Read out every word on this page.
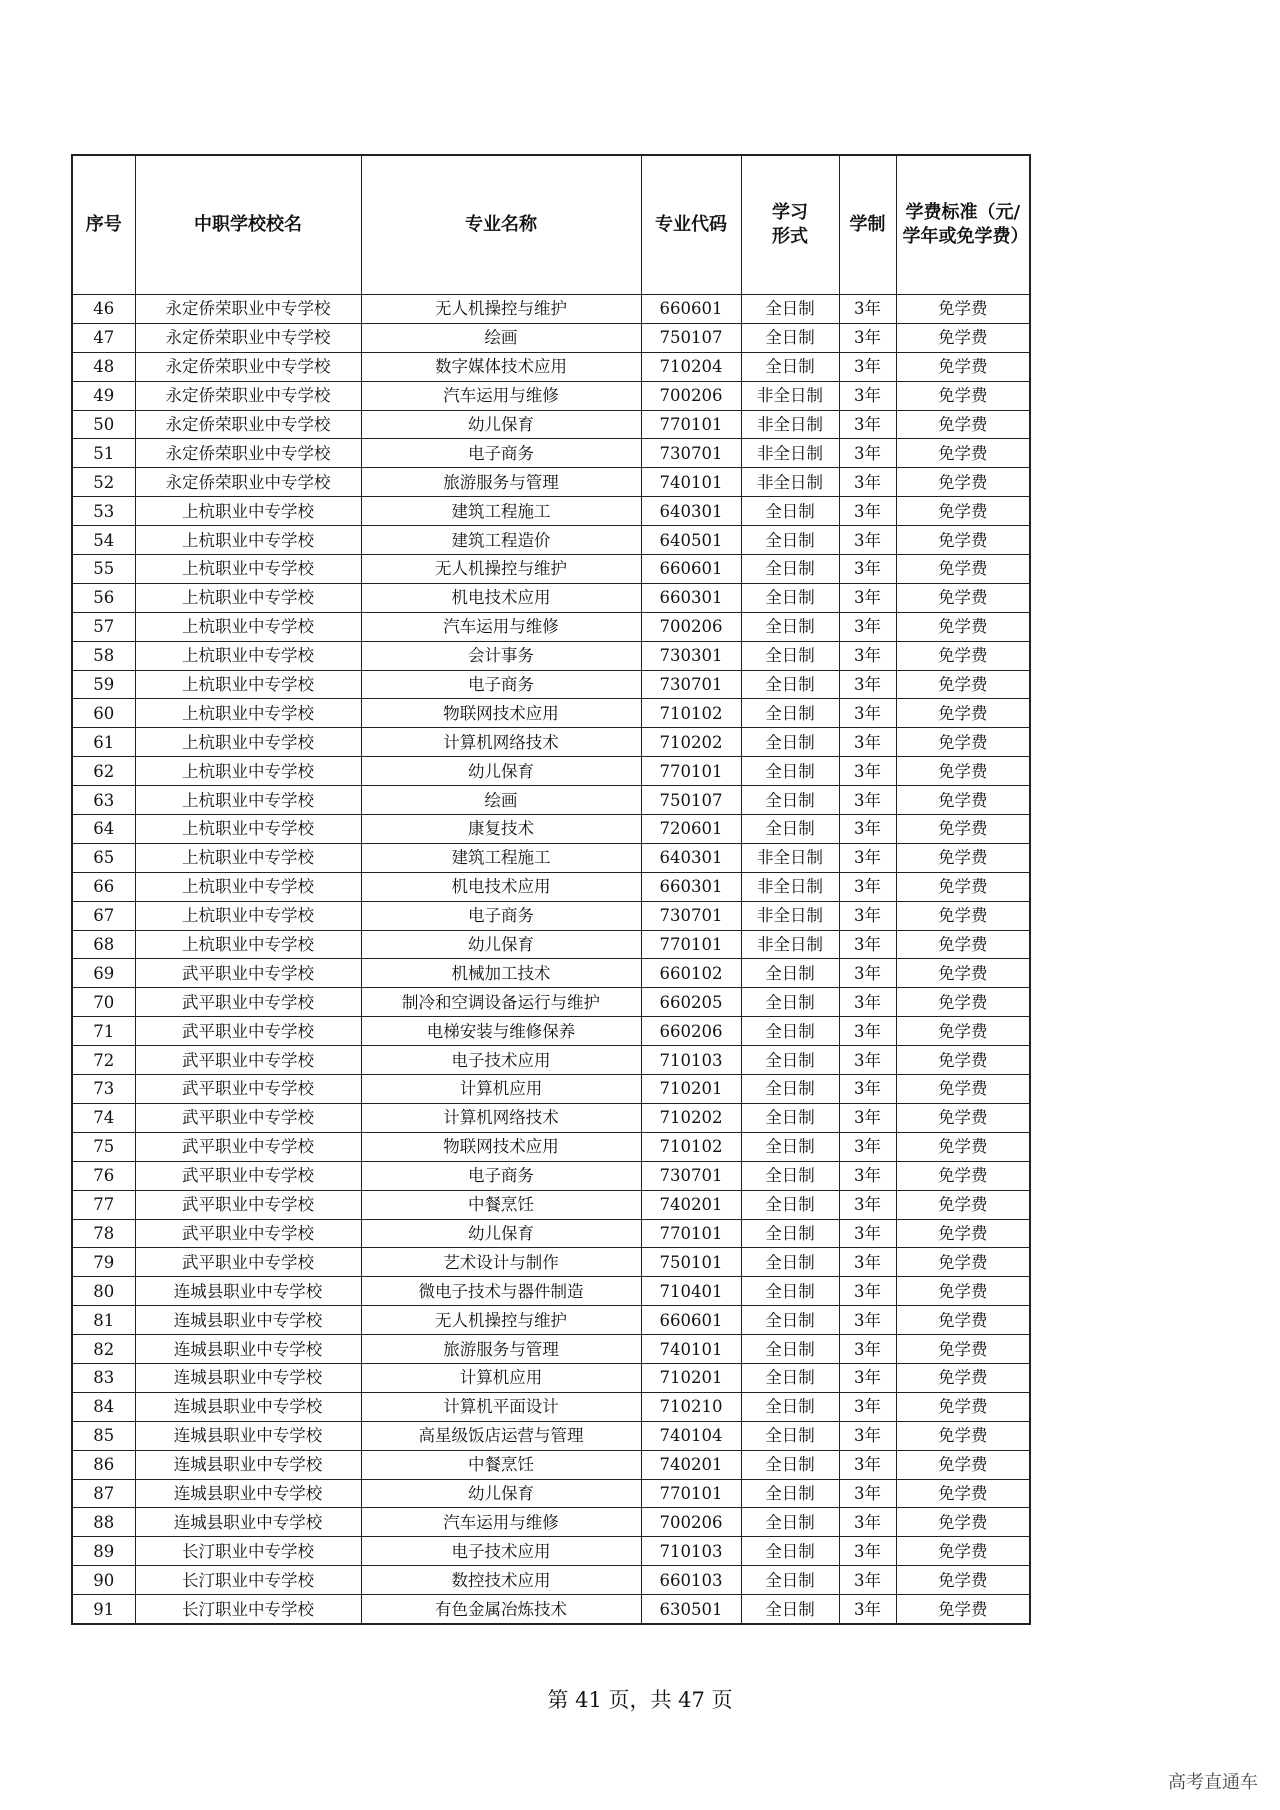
序号	中职学校校名	专业名称	专业代码	学习形式	学制	学费标准（元/学年或免学费）
46	永定侨荣职业中专学校	无人机操控与维护	660601	全日制	3年	免学费
47	永定侨荣职业中专学校	绘画	750107	全日制	3年	免学费
48	永定侨荣职业中专学校	数字媒体技术应用	710204	全日制	3年	免学费
49	永定侨荣职业中专学校	汽车运用与维修	700206	非全日制	3年	免学费
50	永定侨荣职业中专学校	幼儿保育	770101	非全日制	3年	免学费
51	永定侨荣职业中专学校	电子商务	730701	非全日制	3年	免学费
52	永定侨荣职业中专学校	旅游服务与管理	740101	非全日制	3年	免学费
53	上杭职业中专学校	建筑工程施工	640301	全日制	3年	免学费
54	上杭职业中专学校	建筑工程造价	640501	全日制	3年	免学费
55	上杭职业中专学校	无人机操控与维护	660601	全日制	3年	免学费
56	上杭职业中专学校	机电技术应用	660301	全日制	3年	免学费
57	上杭职业中专学校	汽车运用与维修	700206	全日制	3年	免学费
58	上杭职业中专学校	会计事务	730301	全日制	3年	免学费
59	上杭职业中专学校	电子商务	730701	全日制	3年	免学费
60	上杭职业中专学校	物联网技术应用	710102	全日制	3年	免学费
61	上杭职业中专学校	计算机网络技术	710202	全日制	3年	免学费
62	上杭职业中专学校	幼儿保育	770101	全日制	3年	免学费
63	上杭职业中专学校	绘画	750107	全日制	3年	免学费
64	上杭职业中专学校	康复技术	720601	全日制	3年	免学费
65	上杭职业中专学校	建筑工程施工	640301	非全日制	3年	免学费
66	上杭职业中专学校	机电技术应用	660301	非全日制	3年	免学费
67	上杭职业中专学校	电子商务	730701	非全日制	3年	免学费
68	上杭职业中专学校	幼儿保育	770101	非全日制	3年	免学费
69	武平职业中专学校	机械加工技术	660102	全日制	3年	免学费
70	武平职业中专学校	制冷和空调设备运行与维护	660205	全日制	3年	免学费
71	武平职业中专学校	电梯安装与维修保养	660206	全日制	3年	免学费
72	武平职业中专学校	电子技术应用	710103	全日制	3年	免学费
73	武平职业中专学校	计算机应用	710201	全日制	3年	免学费
74	武平职业中专学校	计算机网络技术	710202	全日制	3年	免学费
75	武平职业中专学校	物联网技术应用	710102	全日制	3年	免学费
76	武平职业中专学校	电子商务	730701	全日制	3年	免学费
77	武平职业中专学校	中餐烹饪	740201	全日制	3年	免学费
78	武平职业中专学校	幼儿保育	770101	全日制	3年	免学费
79	武平职业中专学校	艺术设计与制作	750101	全日制	3年	免学费
80	连城县职业中专学校	微电子技术与器件制造	710401	全日制	3年	免学费
81	连城县职业中专学校	无人机操控与维护	660601	全日制	3年	免学费
82	连城县职业中专学校	旅游服务与管理	740101	全日制	3年	免学费
83	连城县职业中专学校	计算机应用	710201	全日制	3年	免学费
84	连城县职业中专学校	计算机平面设计	710210	全日制	3年	免学费
85	连城县职业中专学校	高星级饭店运营与管理	740104	全日制	3年	免学费
86	连城县职业中专学校	中餐烹饪	740201	全日制	3年	免学费
87	连城县职业中专学校	幼儿保育	770101	全日制	3年	免学费
88	连城县职业中专学校	汽车运用与维修	700206	全日制	3年	免学费
89	长汀职业中专学校	电子技术应用	710103	全日制	3年	免学费
90	长汀职业中专学校	数控技术应用	660103	全日制	3年	免学费
91	长汀职业中专学校	有色金属冶炼技术	630501	全日制	3年	免学费
第 41 页，共 47 页
高考直通车
